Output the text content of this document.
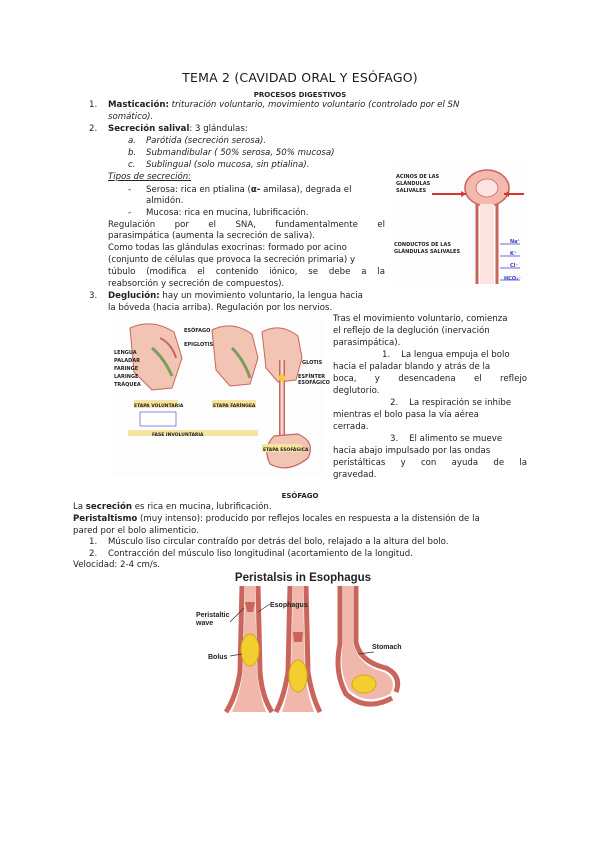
TEMA 2 (CAVIDAD ORAL Y ESÓFAGO)
PROCESOS DIGESTIVOS
1. Masticación: trituración voluntario, movimiento voluntario (controlado por el SN
somático).
2. Secreción salival: 3 glándulas:
a. Parótida (secreción serosa).
b. Submandibular ( 50% serosa, 50% mucosa)
c. Sublingual (solo mucosa, sin ptialina).
Tipos de secreción:
- Serosa: rica en ptialina (α- amilasa), degrada el
almidón.
- Mucosa: rica en mucina, lubrificación.
Regulación por el SNA, fundamentalmente el
parasimpática (aumenta la secreción de saliva).
Como todas las glándulas exocrinas: formado por acino
(conjunto de células que provoca la secreción primaria) y
túbulo (modifica el contenido iónico, se debe a la
reabsorción y secreción de compuestos).
3. Deglución: hay un movimiento voluntario, la lengua hacia
la bóveda (hacia arriba). Regulación por los nervios.
ACINOS DE LAS GLÁNDULAS SALIVALES
CONDUCTOS DE LAS GLÁNDULAS SALIVALES
Na⁺
K⁺
Cl⁻
HCO₃⁻
LENGUA
PALADAR
FARINGE
LARINGE
TRÁQUEA
ESÓFAGO
EPIGLOTIS
GLOTIS
ESFÍNTER ESOFÁGICO
ETAPA VOLUNTARIA	ETAPA FARÍNGEA
FASE INVOLUNTARIA
ETAPA ESOFÁGICA
Tras el movimiento voluntario, comienza
el reflejo de la deglución (inervación
parasimpática).
1.    La lengua empuja el bolo
hacia el paladar blando y atrás de la
boca, y desencadena el reflejo
deglutorio.
2.    La respiración se inhibe
mientras el bolo pasa la vía aérea
cerrada.
3.    El alimento se mueve
hacia abajo impulsado por las ondas
peristálticas y con ayuda de la
gravedad.
ESÓFAGO
La secreción es rica en mucina, lubrificación.
Peristaltismo (muy intenso): producido por reflejos locales en respuesta a la distensión de la
pared por el bolo alimenticio.
1. Músculo liso circular contraído por detrás del bolo, relajado a la altura del bolo.
2. Contracción del músculo liso longitudinal (acortamiento de la longitud.
Velocidad: 2-4 cm/s.
Peristalsis in Esophagus
Peristaltic wave
Esophagus
Bolus
Stomach
